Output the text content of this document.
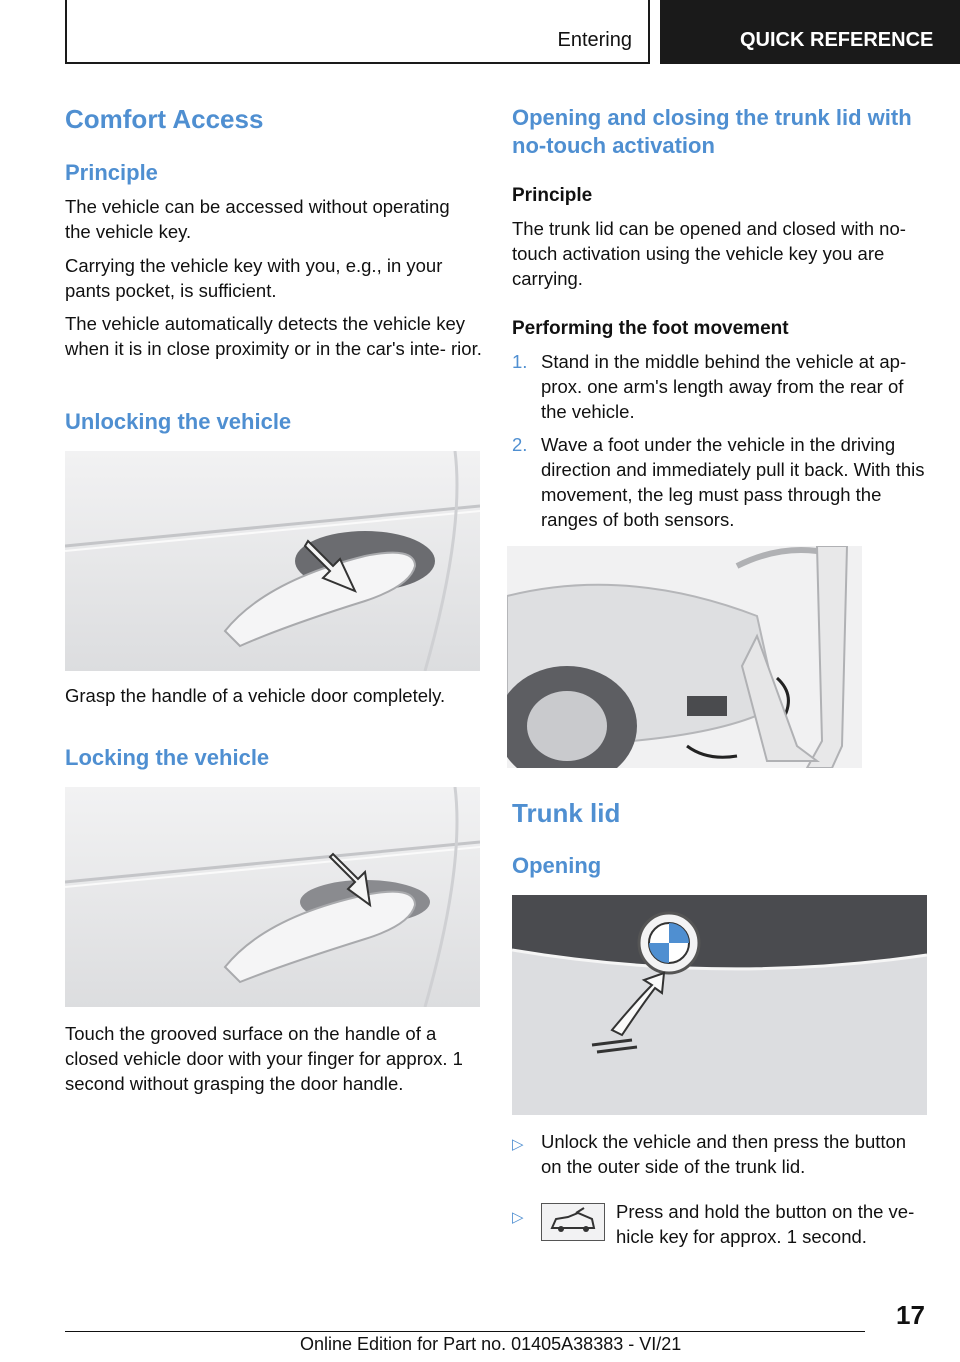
Entering	QUICK REFERENCE
Comfort Access
Principle
The vehicle can be accessed without operating the vehicle key.
Carrying the vehicle key with you, e.g., in your pants pocket, is sufficient.
The vehicle automatically detects the vehicle key when it is in close proximity or in the car's inte‐ rior.
Unlocking the vehicle
Grasp the handle of a vehicle door completely.
Locking the vehicle
Touch the grooved surface on the handle of a closed vehicle door with your finger for approx. 1 second without grasping the door handle.
Opening and closing the trunk lid with no-touch activation
Principle
The trunk lid can be opened and closed with no- touch activation using the vehicle key you are carrying.
Performing the foot movement
1. Stand in the middle behind the vehicle at ap‐ prox. one arm's length away from the rear of the vehicle.
2. Wave a foot under the vehicle in the driving direction and immediately pull it back. With this movement, the leg must pass through the ranges of both sensors.
Trunk lid
Opening
▷ Unlock the vehicle and then press the button on the outer side of the trunk lid.
▷	Press and hold the button on the ve‐ hicle key for approx. 1 second.
17
Online Edition for Part no. 01405A38383 - VI/21
